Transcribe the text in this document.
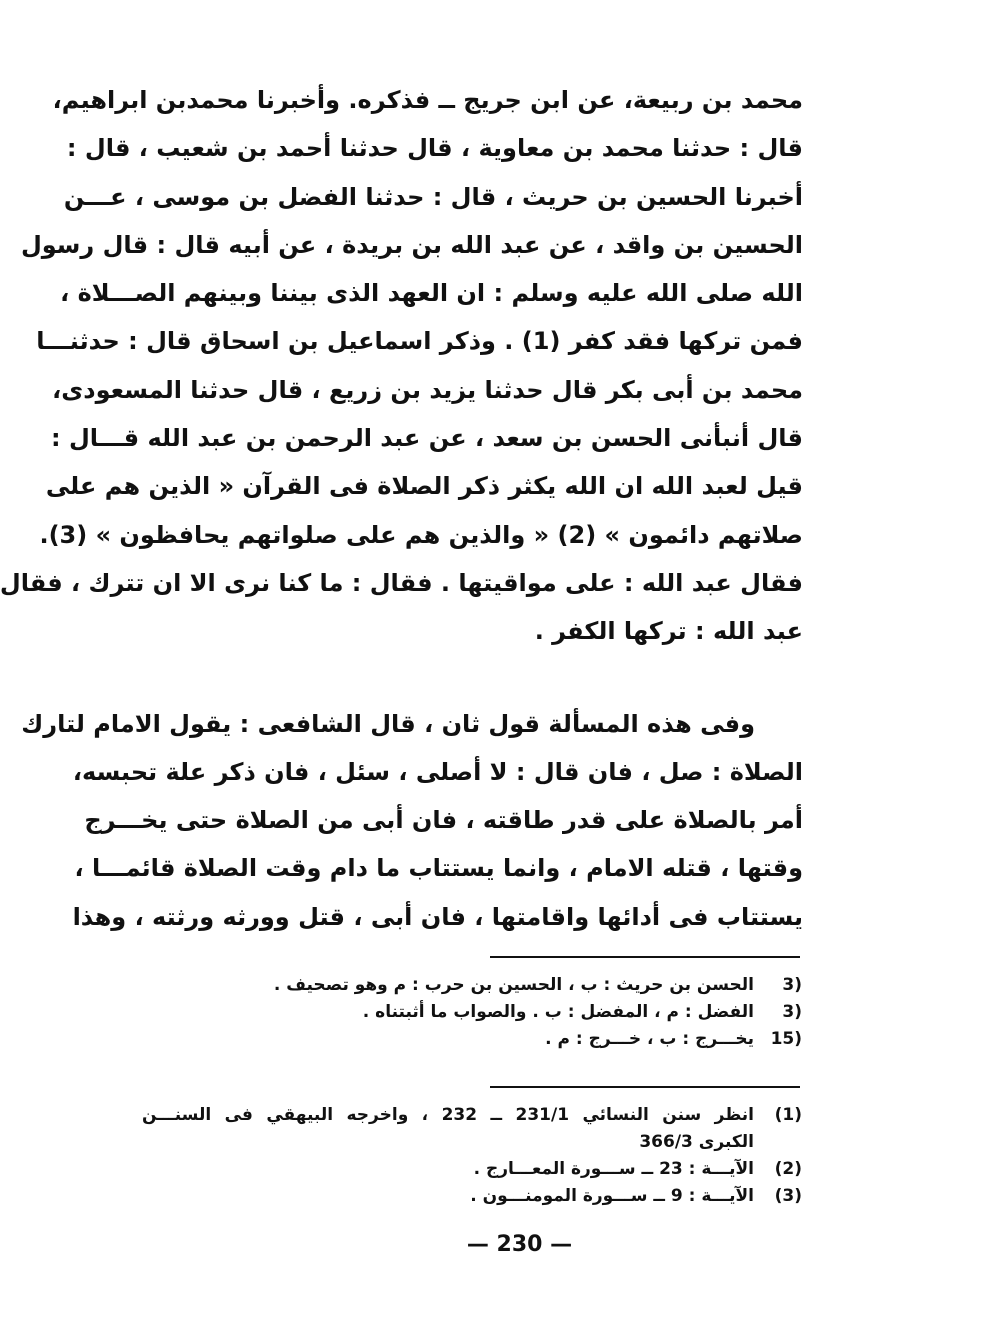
محمد بن ربيعة، عن ابن جريج ــ فذكره. وأخبرنا محمدبن ابراهيم،
قال : حدثنا محمد بن معاوية ، قال حدثنا أحمد بن شعيب ، قال :
أخبرنا الحسين بن حريث ، قال : حدثنا الفضل بن موسى ، عـــن
الحسين بن واقد ، عن عبد الله بن بريدة ، عن أبيه قال : قال رسول
الله صلى الله عليه وسلم : ان العهد الذى بيننا وبينهم الصـــلاة ،
فمن تركها فقد كفر (1) . وذكر اسماعيل بن اسحاق قال : حدثنـــا
محمد بن أبى بكر قال حدثنا يزيد بن زريع ، قال حدثنا المسعودى،
قال أنبأنى الحسن بن سعد ، عن عبد الرحمن بن عبد الله قـــال :
قيل لعبد الله ان الله يكثر ذكر الصلاة فى القرآن « الذين هم على
صلاتهم دائمون » (2) « والذين هم على صلواتهم يحافظون » (3).
فقال عبد الله : على مواقيتها . فقال : ما كنا نرى الا ان تترك ، فقال
عبد الله : تركها الكفر .
وفى هذه المسألة قول ثان ، قال الشافعى : يقول الامام لتارك
الصلاة : صل ، فان قال : لا أصلى ، سئل ، فان ذكر علة تحبسه،
أمر بالصلاة على قدر طاقته ، فان أبى من الصلاة حتى يخـــرج
وقتها ، قتله الامام ، وانما يستتاب ما دام وقت الصلاة قائمـــا ،
يستتاب فى أدائها واقامتها ، فان أبى ، قتل وورثه ورثته ، وهذا
3)
الحسن بن حريث : ب ، الحسين بن حرب : م وهو تصحيف .
3)
الفضل : م ، المفضل : ب . والصواب ما أثبتناه .
15)
يخـــرج : ب ، خـــرج : م .
(1)
انظر سنن النسائي 231/1 ــ 232 ، واخرجه البيهقي فى السنـــن
الكبرى 366/3
(2)
الآيـــة : 23 ــ ســـورة المعـــارج .
(3)
الآيـــة : 9 ــ ســـورة المومنـــون .
— 230 —
